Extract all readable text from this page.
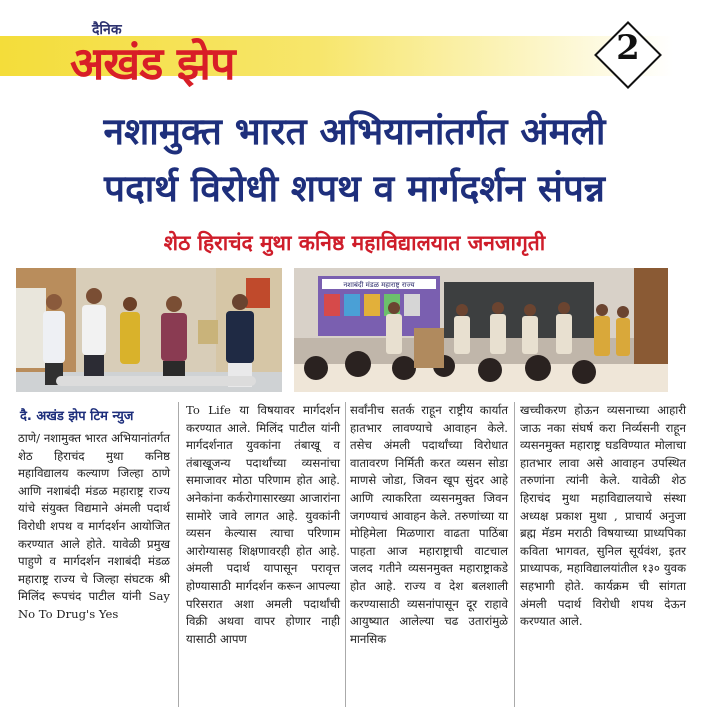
दैनिक
अखंड झेप	2
नशामुक्त भारत अभियानांतर्गत अंमली
पदार्थ विरोधी शपथ व मार्गदर्शन संपन्न
शेठ हिराचंद मुथा कनिष्ठ महाविद्यालयात जनजागृती
नशाबंदी मंडळ महाराष्ट्र राज्य
दै. अखंड झेप टिम न्युज

ठाणे/ नशामुक्त भारत अभियानांतर्गत शेठ हिराचंद मुथा कनिष्ठ महाविद्यालय कल्याण जिल्हा ठाणे आणि नशाबंदी मंडळ महाराष्ट्र राज्य यांचे संयुक्त विद्यमाने अंमली पदार्थ विरोधी शपथ व मार्गदर्शन आयोजित करण्यात आले होते. यावेळी प्रमुख पाहुणे व मार्गदर्शन नशाबंदी मंडळ महाराष्ट्र राज्य चे जिल्हा संघटक श्री मिलिंद रूपचंद पाटील यांनी Say No To Drug's Yes

To Life या विषयावर मार्गदर्शन करण्यात आले. मिलिंद पाटील यांनी मार्गदर्शनात युवकांना तंबाखू व तंबाखूजन्य पदार्थांच्या व्यसनांचा समाजावर मोठा परिणाम होत आहे. अनेकांना कर्करोगासारख्या आजारांना सामोरे जावे लागत आहे. युवकांनी व्यसन केल्यास त्याचा परिणाम आरोग्यासह शिक्षणावरही होत आहे. अंमली पदार्थ यापासून परावृत्त होण्यासाठी मार्गदर्शन करून आपल्या परिसरात अशा अमली पदार्थांची विक्री अथवा वापर होणार नाही यासाठी आपण

सर्वांनीच सतर्क राहून राष्ट्रीय कार्यात हातभार लावण्याचे आवाहन केले. तसेच अंमली पदार्थांच्या विरोधात वातावरण निर्मिती करत व्यसन सोडा माणसे जोडा, जिवन खूप सुंदर आहे आणि त्याकरिता व्यसनमुक्त जिवन जगण्याचं आवाहन केले. तरुणांच्या या मोहिमेला मिळणारा वाढता पाठिंबा पाहता आज महाराष्ट्राची वाटचाल जलद गतीने व्यसनमुक्त महाराष्ट्राकडे होत आहे. राज्य व देश बलशाली करण्यासाठी व्यसनांपासून दूर राहावे आयुष्यात आलेल्या चढ उतारांमुळे मानसिक

खच्चीकरण होऊन व्यसनाच्या आहारी जाऊ नका संघर्ष करा निर्व्यसनी राहून व्यसनमुक्त महाराष्ट्र घडविण्यात मोलाचा हातभार लावा असे आवाहन उपस्थित तरुणांना त्यांनी केले. यावेळी शेठ हिराचंद मुथा महाविद्यालयाचे संस्था अध्यक्ष प्रकाश मुथा , प्राचार्य अनुजा ब्रह्म मॅडम मराठी विषयाच्या प्राध्यपिका कविता भागवत, सुनिल सूर्यवंश, इतर प्राध्यापक, महाविद्यालयांतील १३० युवक सहभागी होते. कार्यक्रम ची सांगता अंमली पदार्थ विरोधी शपथ देऊन करण्यात आले.
